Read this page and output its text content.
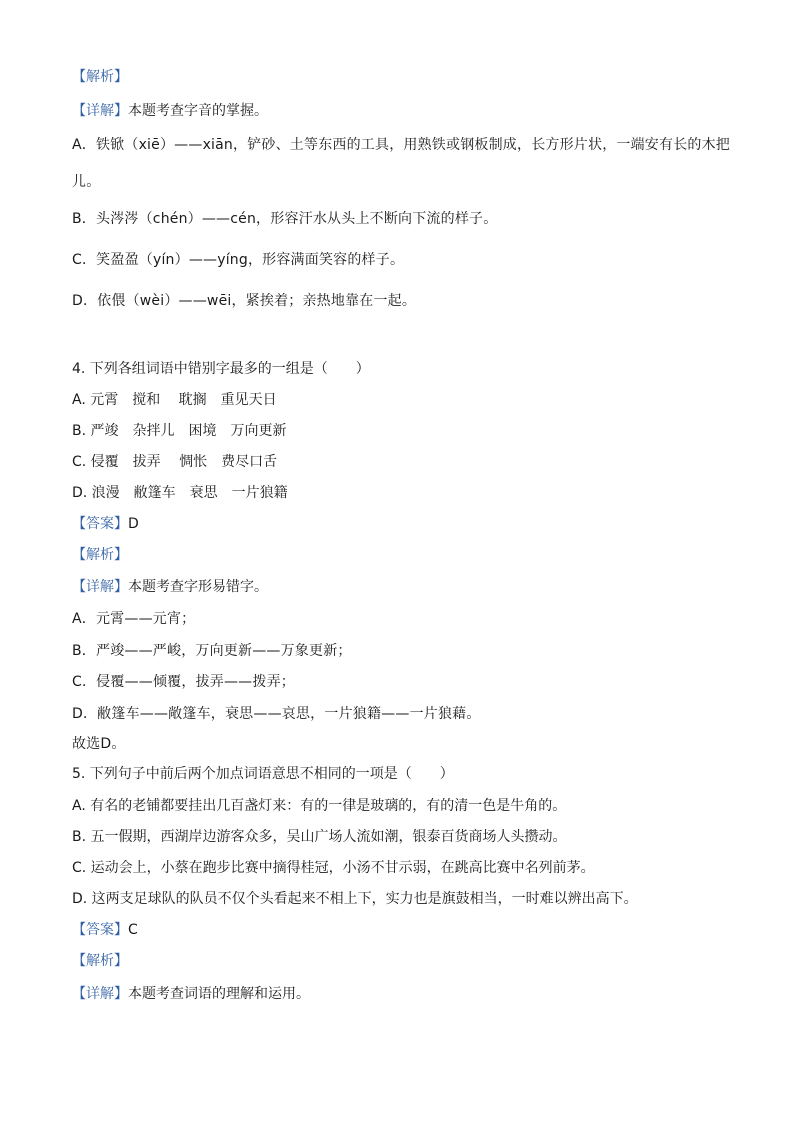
【解析】
【详解】本题考查字音的掌握。
A．铁锨（xiē）——xiān，铲砂、土等东西的工具，用熟铁或钢板制成，长方形片状，一端安有长的木把
儿。
B．头涔涔（chén）——cén，形容汗水从头上不断向下流的样子。
C．笑盈盈（yín）——yíng，形容满面笑容的样子。
D．依偎（wèi）——wēi，紧挨着；亲热地靠在一起。
4. 下列各组词语中错别字最多的一组是（　　）
A. 元霄　搅和　 耽搁　重见天日
B. 严竣　杂拌儿　困境　万向更新
C. 侵覆　拔弄　 惆怅　费尽口舌
D. 浪漫　敝篷车　衰思　一片狼籍
【答案】D
【解析】
【详解】本题考查字形易错字。
A．元霄——元宵；
B．严竣——严峻，万向更新——万象更新；
C．侵覆——倾覆，拔弄——拨弄；
D．敝篷车——敞篷车，衰思——哀思，一片狼籍——一片狼藉。
故选D。
5. 下列句子中前后两个加点词语意思不相同的一项是（　　）
A. 有名的老铺都要挂出几百盏灯来：有的一律是玻璃的，有的清一色是牛角的。
B. 五一假期，西湖岸边游客众多，吴山广场人流如潮，银泰百货商场人头攒动。
C. 运动会上，小蔡在跑步比赛中摘得桂冠，小汤不甘示弱，在跳高比赛中名列前茅。
D. 这两支足球队的队员不仅个头看起来不相上下，实力也是旗鼓相当，一时难以辨出高下。
【答案】C
【解析】
【详解】本题考查词语的理解和运用。
